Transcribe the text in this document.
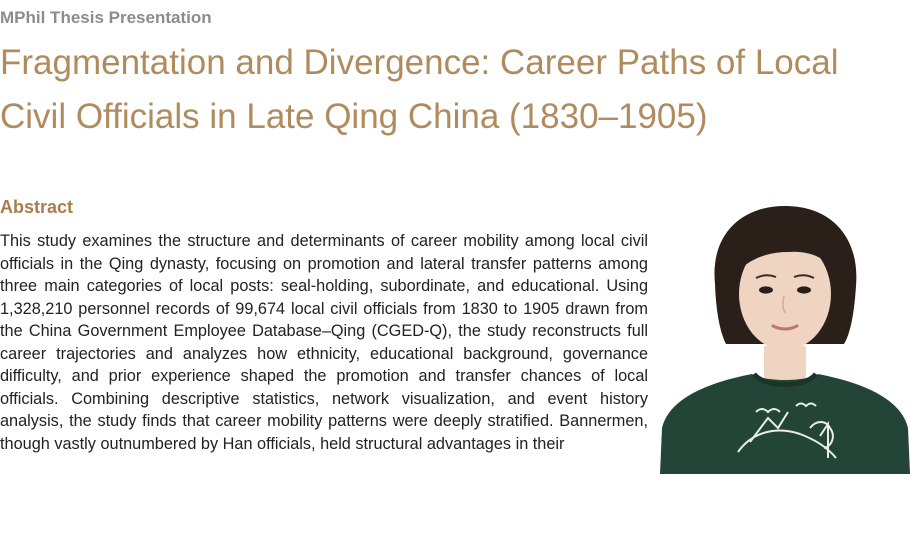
MPhil Thesis Presentation
Fragmentation and Divergence: Career Paths of Local Civil Officials in Late Qing China (1830–1905)
Abstract

This study examines the structure and determinants of career mobility among local civil officials in the Qing dynasty, focusing on promotion and lateral transfer patterns among three main categories of local posts: seal-holding, subordinate, and educational. Using 1,328,210 personnel records of 99,674 local civil officials from 1830 to 1905 drawn from the China Government Employee Database–Qing (CGED-Q), the study reconstructs full career trajectories and analyzes how ethnicity, educational background, governance difficulty, and prior experience shaped the promotion and transfer chances of local officials. Combining descriptive statistics, network visualization, and event history analysis, the study finds that career mobility patterns were deeply stratified. Bannermen, though vastly outnumbered by Han officials, held structural advantages in their
